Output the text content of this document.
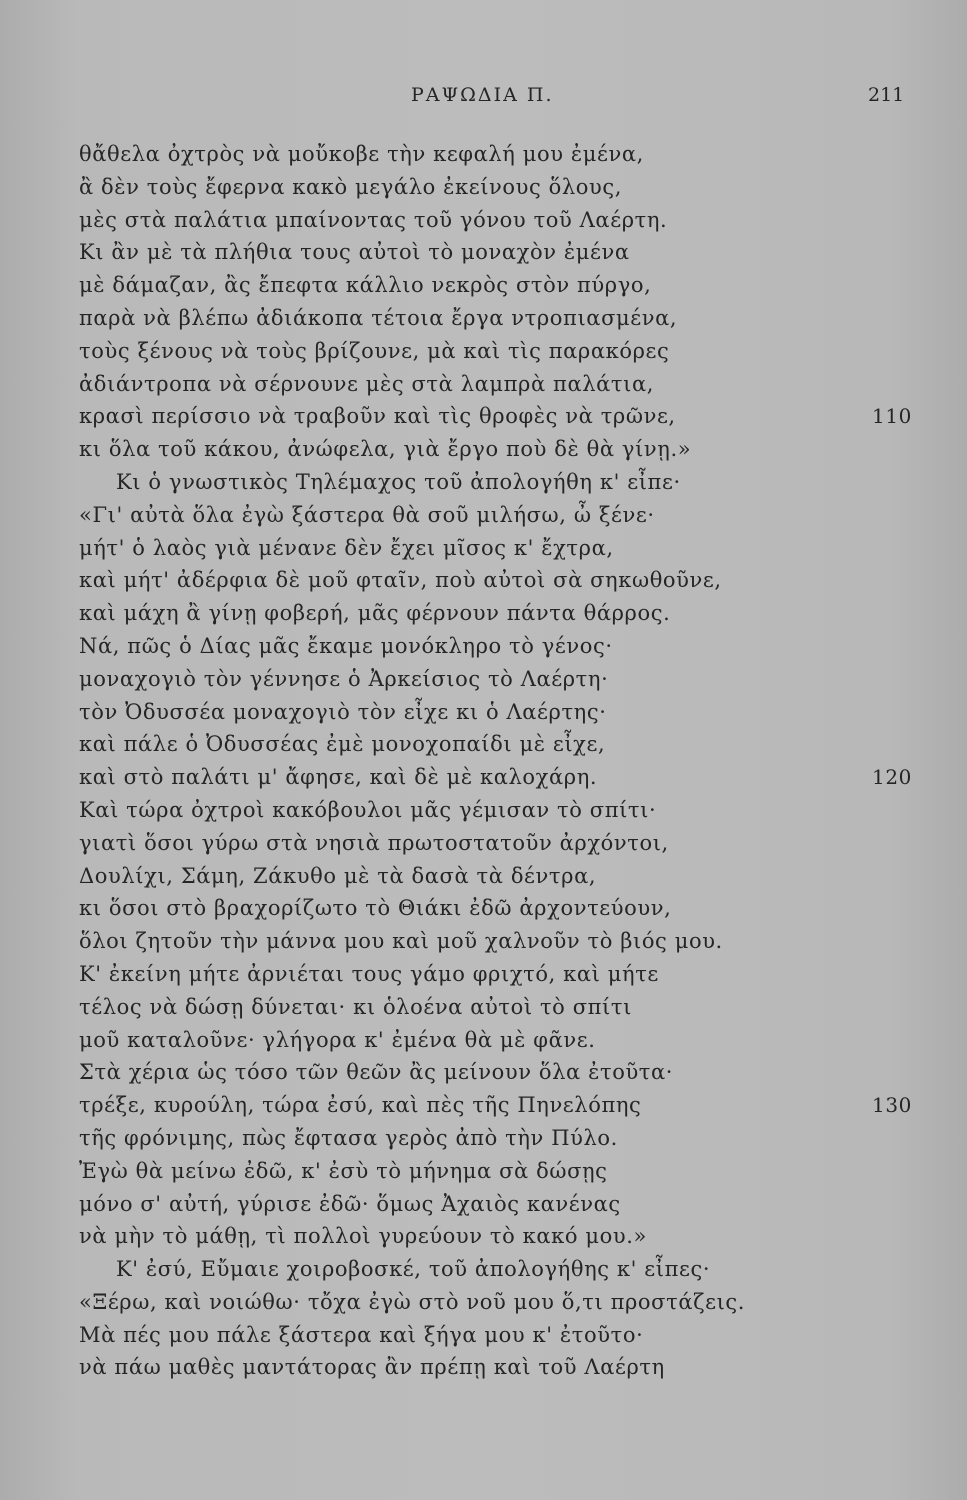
ΡΑΨΩΔΙΑ Π.	211
θἄθελα ὀχτρὸς νὰ μοὔκοβε τὴν κεφαλή μου ἐμένα,
ἂ δὲν τοὺς ἔφερνα κακὸ μεγάλο ἐκείνους ὅλους,
μὲς στὰ παλάτια μπαίνοντας τοῦ γόνου τοῦ Λαέρτη.
Κι ἂν μὲ τὰ πλήθια τους αὐτοὶ τὸ μοναχὸν ἐμένα
μὲ δάμαζαν, ἂς ἔπεφτα κάλλιο νεκρὸς στὸν πύργο,
παρὰ νὰ βλέπω ἀδιάκοπα τέτοια ἔργα ντροπιασμένα,
τοὺς ξένους νὰ τοὺς βρίζουνε, μὰ καὶ τὶς παρακόρες
ἀδιάντροπα νὰ σέρνουνε μὲς στὰ λαμπρὰ παλάτια,
κρασὶ περίσσιο νὰ τραβοῦν καὶ τὶς θροφὲς νὰ τρῶνε,	110
κι ὅλα τοῦ κάκου, ἀνώφελα, γιὰ ἔργο ποὺ δὲ θὰ γίνῃ.»
Κι ὁ γνωστικὸς Τηλέμαχος τοῦ ἀπολογήθη κ' εἶπε·
«Γι' αὐτὰ ὅλα ἐγὼ ξάστερα θὰ σοῦ μιλήσω, ὦ ξένε·
μήτ' ὁ λαὸς γιὰ μένανε δὲν ἔχει μῖσος κ' ἔχτρα,
καὶ μήτ' ἀδέρφια δὲ μοῦ φταῖν, ποὺ αὐτοὶ σὰ σηκωθοῦνε,
καὶ μάχη ἂ γίνῃ φοβερή, μᾶς φέρνουν πάντα θάρρος.
Νά, πῶς ὁ Δίας μᾶς ἔκαμε μονόκληρο τὸ γένος·
μοναχογιὸ τὸν γέννησε ὁ Ἀρκείσιος τὸ Λαέρτη·
τὸν Ὀδυσσέα μοναχογιὸ τὸν εἶχε κι ὁ Λαέρτης·
καὶ πάλε ὁ Ὀδυσσέας ἐμὲ μονοχοπαίδι μὲ εἶχε,
καὶ στὸ παλάτι μ' ἄφησε, καὶ δὲ μὲ καλοχάρη.	120
Καὶ τώρα ὀχτροὶ κακόβουλοι μᾶς γέμισαν τὸ σπίτι·
γιατὶ ὅσοι γύρω στὰ νησιὰ πρωτοστατοῦν ἀρχόντοι,
Δουλίχι, Σάμη, Ζάκυθο μὲ τὰ δασὰ τὰ δέντρα,
κι ὅσοι στὸ βραχορίζωτο τὸ Θιάκι ἐδῶ ἀρχοντεύουν,
ὅλοι ζητοῦν τὴν μάννα μου καὶ μοῦ χαλνοῦν τὸ βιός μου.
Κ' ἐκείνη μήτε ἀρνιέται τους γάμο φριχτό, καὶ μήτε
τέλος νὰ δώσῃ δύνεται· κι ὁλοένα αὐτοὶ τὸ σπίτι
μοῦ καταλοῦνε· γλήγορα κ' ἐμένα θὰ μὲ φᾶνε.
Στὰ χέρια ὡς τόσο τῶν θεῶν ἂς μείνουν ὅλα ἐτοῦτα·
τρέξε, κυρούλη, τώρα ἐσύ, καὶ πὲς τῆς Πηνελόπης	130
τῆς φρόνιμης, πὼς ἔφτασα γερὸς ἀπὸ τὴν Πύλο.
Ἐγὼ θὰ μείνω ἐδῶ, κ' ἐσὺ τὸ μήνημα σὰ δώσῃς
μόνο σ' αὐτή, γύρισε ἐδῶ· ὅμως Ἀχαιὸς κανένας
νὰ μὴν τὸ μάθῃ, τὶ πολλοὶ γυρεύουν τὸ κακό μου.»
Κ' ἐσύ, Εὔμαιε χοιροβοσκέ, τοῦ ἀπολογήθης κ' εἶπες·
«Ξέρω, καὶ νοιώθω· τὄχα ἐγὼ στὸ νοῦ μου ὅ,τι προστάζεις.
Μὰ πές μου πάλε ξάστερα καὶ ξήγα μου κ' ἐτοῦτο·
νὰ πάω μαθὲς μαντάτορας ἂν πρέπῃ καὶ τοῦ Λαέρτη
